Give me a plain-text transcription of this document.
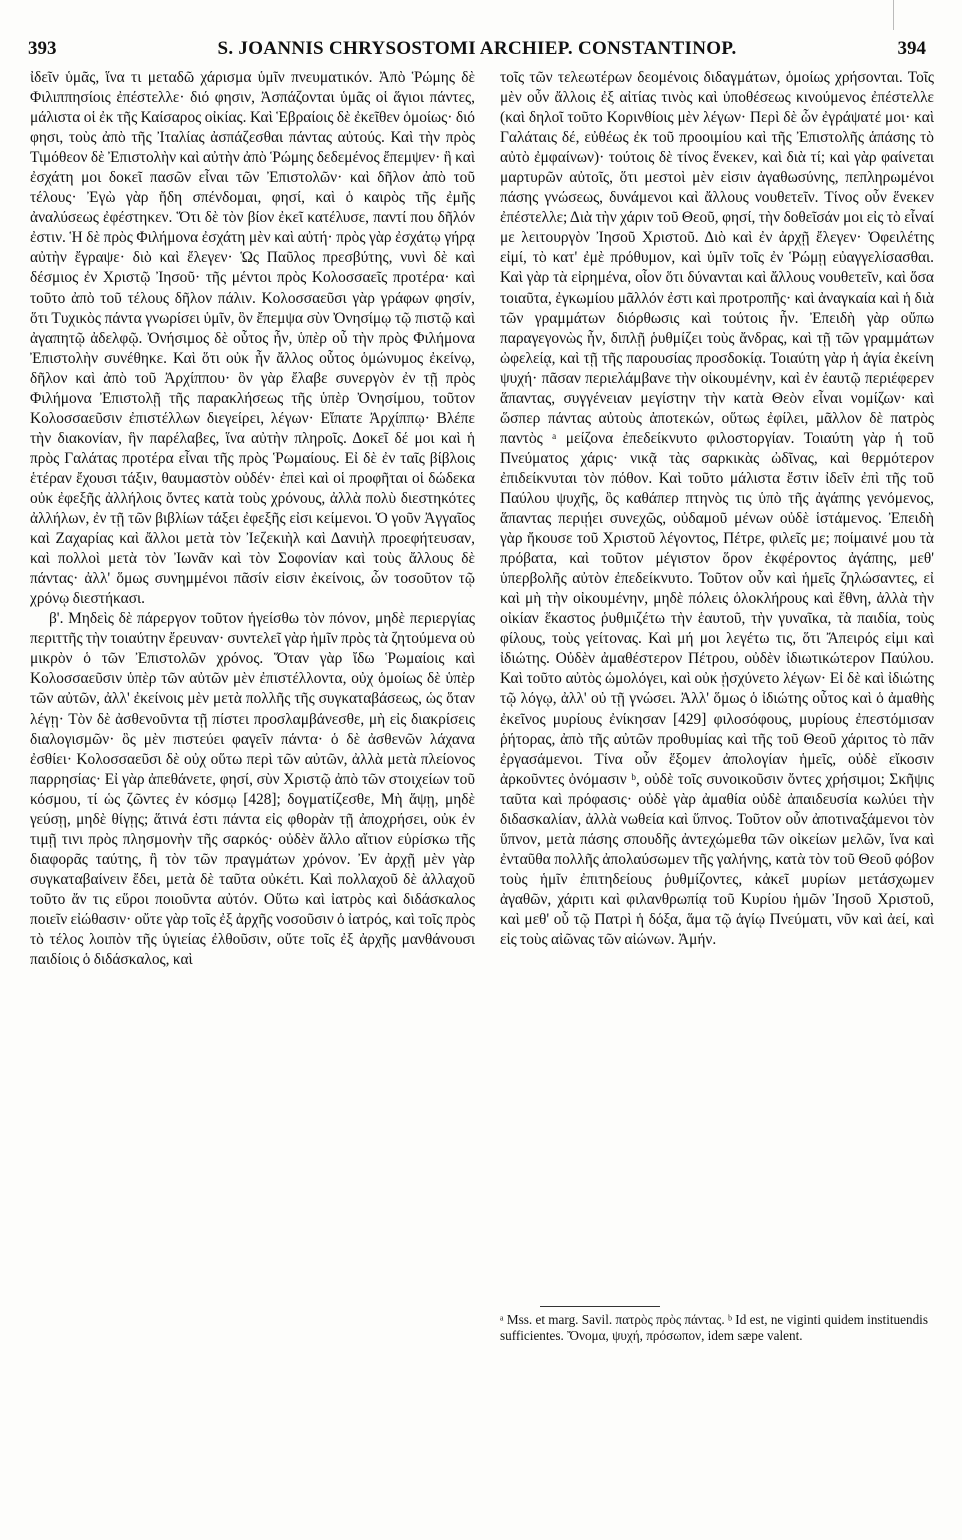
393	S. JOANNIS CHRYSOSTOMI ARCHIEP. CONSTANTINOP.	394
ἰδεῖν ὑμᾶς, ἵνα τι μεταδῶ χάρισμα ὑμῖν πνευματικόν. Ἀπὸ Ῥώμης δὲ Φιλιππησίοις ἐπέστελλε· διό φησιν, Ἀσπάζονται ὑμᾶς οἱ ἅγιοι πάντες, μάλιστα οἱ ἐκ τῆς Καίσαρος οἰκίας. Καὶ Ἑβραίοις δὲ ἐκεῖθεν ὁμοίως· διό φησι, τοὺς ἀπὸ τῆς Ἰταλίας ἀσπάζεσθαι πάντας αὐτούς. Καὶ τὴν πρὸς Τιμόθεον δὲ Ἐπιστολὴν καὶ αὐτὴν ἀπὸ Ῥώμης δεδεμένος ἔπεμψεν· ἣ καὶ ἐσχάτη μοι δοκεῖ πασῶν εἶναι τῶν Ἐπιστολῶν· καὶ δῆλον ἀπὸ τοῦ τέλους· Ἐγὼ γὰρ ἤδη σπένδομαι, φησί, καὶ ὁ καιρὸς τῆς ἐμῆς ἀναλύσεως ἐφέστηκεν. Ὅτι δὲ τὸν βίον ἐκεῖ κατέλυσε, παντί που δῆλόν ἐστιν. Ἡ δὲ πρὸς Φιλήμονα ἐσχάτη μὲν καὶ αὐτή· πρὸς γὰρ ἐσχάτῳ γήρᾳ αὐτὴν ἔγραψε· διὸ καὶ ἔλεγεν· Ὡς Παῦλος πρεσβύτης, νυνὶ δὲ καὶ δέσμιος ἐν Χριστῷ Ἰησοῦ· τῆς μέντοι πρὸς Κολοσσαεῖς προτέρα· καὶ τοῦτο ἀπὸ τοῦ τέλους δῆλον πάλιν. Κολοσσαεῦσι γὰρ γράφων φησίν, ὅτι Τυχικὸς πάντα γνωρίσει ὑμῖν, ὃν ἔπεμψα σὺν Ὀνησίμῳ τῷ πιστῷ καὶ ἀγαπητῷ ἀδελφῷ. Ὀνήσιμος δὲ οὗτος ἦν, ὑπὲρ οὗ τὴν πρὸς Φιλήμονα Ἐπιστολὴν συνέθηκε. Καὶ ὅτι οὐκ ἦν ἄλλος οὗτος ὁμώνυμος ἐκείνῳ, δῆλον καὶ ἀπὸ τοῦ Ἀρχίππου· ὃν γὰρ ἔλαβε συνεργὸν ἐν τῇ πρὸς Φιλήμονα Ἐπιστολῇ τῆς παρακλήσεως τῆς ὑπὲρ Ὀνησίμου, τοῦτον Κολοσσαεῦσιν ἐπιστέλλων διεγείρει, λέγων· Εἴπατε Ἀρχίππῳ· Βλέπε τὴν διακονίαν, ἣν παρέλαβες, ἵνα αὐτὴν πληροῖς. Δοκεῖ δέ μοι καὶ ἡ πρὸς Γαλάτας προτέρα εἶναι τῆς πρὸς Ῥωμαίους. Εἰ δὲ ἐν ταῖς βίβλοις ἑτέραν ἔχουσι τάξιν, θαυμαστὸν οὐδέν· ἐπεὶ καὶ οἱ προφῆται οἱ δώδεκα οὐκ ἐφεξῆς ἀλλήλοις ὄντες κατὰ τοὺς χρόνους, ἀλλὰ πολὺ διεστηκότες ἀλλήλων, ἐν τῇ τῶν βιβλίων τάξει ἐφεξῆς εἰσι κείμενοι. Ὁ γοῦν Ἀγγαῖος καὶ Ζαχαρίας καὶ ἄλλοι μετὰ τὸν Ἰεζεκιὴλ καὶ Δανιὴλ προεφήτευσαν, καὶ πολλοὶ μετὰ τὸν Ἰωνᾶν καὶ τὸν Σοφονίαν καὶ τοὺς ἄλλους δὲ πάντας· ἀλλ' ὅμως συνημμένοι πᾶσίν εἰσιν ἐκείνοις, ὧν τοσοῦτον τῷ χρόνῳ διεστήκασι.
β'. Μηδεὶς δὲ πάρεργον τοῦτον ἡγείσθω τὸν πόνον, μηδὲ περιεργίας περιττῆς τὴν τοιαύτην ἔρευναν· συντελεῖ γὰρ ἡμῖν πρὸς τὰ ζητούμενα οὐ μικρὸν ὁ τῶν Ἐπιστολῶν χρόνος. Ὅταν γὰρ ἴδω Ῥωμαίοις καὶ Κολοσσαεῦσιν ὑπὲρ τῶν αὐτῶν μὲν ἐπιστέλλοντα, οὐχ ὁμοίως δὲ ὑπὲρ τῶν αὐτῶν, ἀλλ' ἐκείνοις μὲν μετὰ πολλῆς τῆς συγκαταβάσεως, ὡς ὅταν λέγῃ· Τὸν δὲ ἀσθενοῦντα τῇ πίστει προσλαμβάνεσθε, μὴ εἰς διακρίσεις διαλογισμῶν· ὃς μὲν πιστεύει φαγεῖν πάντα· ὁ δὲ ἀσθενῶν λάχανα ἐσθίει· Κολοσσαεῦσι δὲ οὐχ οὕτω περὶ τῶν αὐτῶν, ἀλλὰ μετὰ πλείονος παρρησίας· Εἰ γὰρ ἀπεθάνετε, φησί, σὺν Χριστῷ ἀπὸ τῶν στοιχείων τοῦ κόσμου, τί ὡς ζῶντες ἐν κόσμῳ [428]; δογματίζεσθε, Μὴ ἅψῃ, μηδὲ γεύσῃ, μηδὲ θίγῃς; ἅτινά ἐστι πάντα εἰς φθορὰν τῇ ἀποχρήσει, οὐκ ἐν τιμῇ τινι πρὸς πλησμονὴν τῆς σαρκός· οὐδὲν ἄλλο αἴτιον εὑρίσκω τῆς διαφορᾶς ταύτης, ἢ τὸν τῶν πραγμάτων χρόνον. Ἐν ἀρχῇ μὲν γὰρ συγκαταβαίνειν ἔδει, μετὰ δὲ ταῦτα οὐκέτι. Καὶ πολλαχοῦ δὲ ἀλλαχοῦ τοῦτο ἄν τις εὕροι ποιοῦντα αὐτόν. Οὕτω καὶ ἰατρὸς καὶ διδάσκαλος ποιεῖν εἰώθασιν· οὔτε γὰρ τοῖς ἐξ ἀρχῆς νοσοῦσιν ὁ ἰατρός, καὶ τοῖς πρὸς τὸ τέλος λοιπὸν τῆς ὑγιείας ἐλθοῦσιν, οὔτε τοῖς ἐξ ἀρχῆς μανθάνουσι παιδίοις ὁ διδάσκαλος, καὶ
τοῖς τῶν τελεωτέρων δεομένοις διδαγμάτων, ὁμοίως χρήσονται. Τοῖς μὲν οὖν ἄλλοις ἐξ αἰτίας τινὸς καὶ ὑποθέσεως κινούμενος ἐπέστελλε (καὶ δηλοῖ τοῦτο Κορινθίοις μὲν λέγων· Περὶ δὲ ὧν ἐγράψατέ μοι· καὶ Γαλάταις δέ, εὐθέως ἐκ τοῦ προοιμίου καὶ τῆς Ἐπιστολῆς ἁπάσης τὸ αὐτὸ ἐμφαίνων)· τούτοις δὲ τίνος ἕνεκεν, καὶ διὰ τί; καὶ γὰρ φαίνεται μαρτυρῶν αὐτοῖς, ὅτι μεστοὶ μὲν εἰσιν ἀγαθωσύνης, πεπληρωμένοι πάσης γνώσεως, δυνάμενοι καὶ ἄλλους νουθετεῖν. Τίνος οὖν ἕνεκεν ἐπέστελλε; Διὰ τὴν χάριν τοῦ Θεοῦ, φησί, τὴν δοθεῖσάν μοι εἰς τὸ εἶναί με λειτουργὸν Ἰησοῦ Χριστοῦ. Διὸ καὶ ἐν ἀρχῇ ἔλεγεν· Ὀφειλέτης εἰμί, τὸ κατ' ἐμὲ πρόθυμον, καὶ ὑμῖν τοῖς ἐν Ῥώμῃ εὐαγγελίσασθαι. Καὶ γὰρ τὰ εἰρημένα, οἷον ὅτι δύνανται καὶ ἄλλους νουθετεῖν, καὶ ὅσα τοιαῦτα, ἐγκωμίου μᾶλλόν ἐστι καὶ προτροπῆς· καὶ ἀναγκαία καὶ ἡ διὰ τῶν γραμμάτων διόρθωσις καὶ τούτοις ἦν. Ἐπειδὴ γὰρ οὔπω παραγεγονὼς ἦν, διπλῇ ῥυθμίζει τοὺς ἄνδρας, καὶ τῇ τῶν γραμμάτων ὠφελείᾳ, καὶ τῇ τῆς παρουσίας προσδοκίᾳ. Τοιαύτη γὰρ ἡ ἁγία ἐκείνη ψυχή· πᾶσαν περιελάμβανε τὴν οἰκουμένην, καὶ ἐν ἑαυτῷ περιέφερεν ἅπαντας, συγγένειαν μεγίστην τὴν κατὰ Θεὸν εἶναι νομίζων· καὶ ὥσπερ πάντας αὐτοὺς ἀποτεκών, οὕτως ἐφίλει, μᾶλλον δὲ πατρὸς παντὸς ᵃ μείζονα ἐπεδείκνυτο φιλοστοργίαν. Τοιαύτη γὰρ ἡ τοῦ Πνεύματος χάρις· νικᾷ τὰς σαρκικὰς ὠδῖνας, καὶ θερμότερον ἐπιδείκνυται τὸν πόθον. Καὶ τοῦτο μάλιστα ἔστιν ἰδεῖν ἐπὶ τῆς τοῦ Παύλου ψυχῆς, ὃς καθάπερ πτηνὸς τις ὑπὸ τῆς ἀγάπης γενόμενος, ἅπαντας περιῄει συνεχῶς, οὐδαμοῦ μένων οὐδὲ ἱστάμενος. Ἐπειδὴ γὰρ ἤκουσε τοῦ Χριστοῦ λέγοντος, Πέτρε, φιλεῖς με; ποίμαινέ μου τὰ πρόβατα, καὶ τοῦτον μέγιστον ὅρον ἐκφέροντος ἀγάπης, μεθ' ὑπερβολῆς αὐτὸν ἐπεδείκνυτο. Τοῦτον οὖν καὶ ἡμεῖς ζηλώσαντες, εἰ καὶ μὴ τὴν οἰκουμένην, μηδὲ πόλεις ὁλοκλήρους καὶ ἔθνη, ἀλλὰ τὴν οἰκίαν ἕκαστος ῥυθμιζέτω τὴν ἑαυτοῦ, τὴν γυναῖκα, τὰ παιδία, τοὺς φίλους, τοὺς γείτονας. Καὶ μή μοι λεγέτω τις, ὅτι Ἄπειρός εἰμι καὶ ἰδιώτης. Οὐδὲν ἀμαθέστερον Πέτρου, οὐδὲν ἰδιωτικώτερον Παύλου. Καὶ τοῦτο αὐτὸς ὡμολόγει, καὶ οὐκ ᾐσχύνετο λέγων· Εἰ δὲ καὶ ἰδιώτης τῷ λόγῳ, ἀλλ' οὐ τῇ γνώσει. Ἀλλ' ὅμως ὁ ἰδιώτης οὗτος καὶ ὁ ἀμαθὴς ἐκεῖνος μυρίους ἐνίκησαν [429] φιλοσόφους, μυρίους ἐπεστόμισαν ῥήτορας, ἀπὸ τῆς αὐτῶν προθυμίας καὶ τῆς τοῦ Θεοῦ χάριτος τὸ πᾶν ἐργασάμενοι. Τίνα οὖν ἕξομεν ἀπολογίαν ἡμεῖς, οὐδὲ εἴκοσιν ἀρκοῦντες ὀνόμασιν ᵇ, οὐδὲ τοῖς συνοικοῦσιν ὄντες χρήσιμοι; Σκῆψις ταῦτα καὶ πρόφασις· οὐδὲ γὰρ ἀμαθία οὐδὲ ἀπαιδευσία κωλύει τὴν διδασκαλίαν, ἀλλὰ νωθεία καὶ ὕπνος. Τοῦτον οὖν ἀποτιναξάμενοι τὸν ὕπνον, μετὰ πάσης σπουδῆς ἀντεχώμεθα τῶν οἰκείων μελῶν, ἵνα καὶ ἐνταῦθα πολλῆς ἀπολαύσωμεν τῆς γαλήνης, κατὰ τὸν τοῦ Θεοῦ φόβον τοὺς ἡμῖν ἐπιτηδείους ῥυθμίζοντες, κἀκεῖ μυρίων μετάσχωμεν ἀγαθῶν, χάριτι καὶ φιλανθρωπίᾳ τοῦ Κυρίου ἡμῶν Ἰησοῦ Χριστοῦ, καὶ μεθ' οὗ τῷ Πατρὶ ἡ δόξα, ἅμα τῷ ἁγίῳ Πνεύματι, νῦν καὶ ἀεί, καὶ εἰς τοὺς αἰῶνας τῶν αἰώνων. Ἀμήν.
ᵃ Mss. et marg. Savil. πατρὸς πρὸς πάντας. ᵇ Id est, ne viginti quidem instituendis sufficientes. Ὄνομα, ψυχή, πρόσωπον, idem sæpe valent.
